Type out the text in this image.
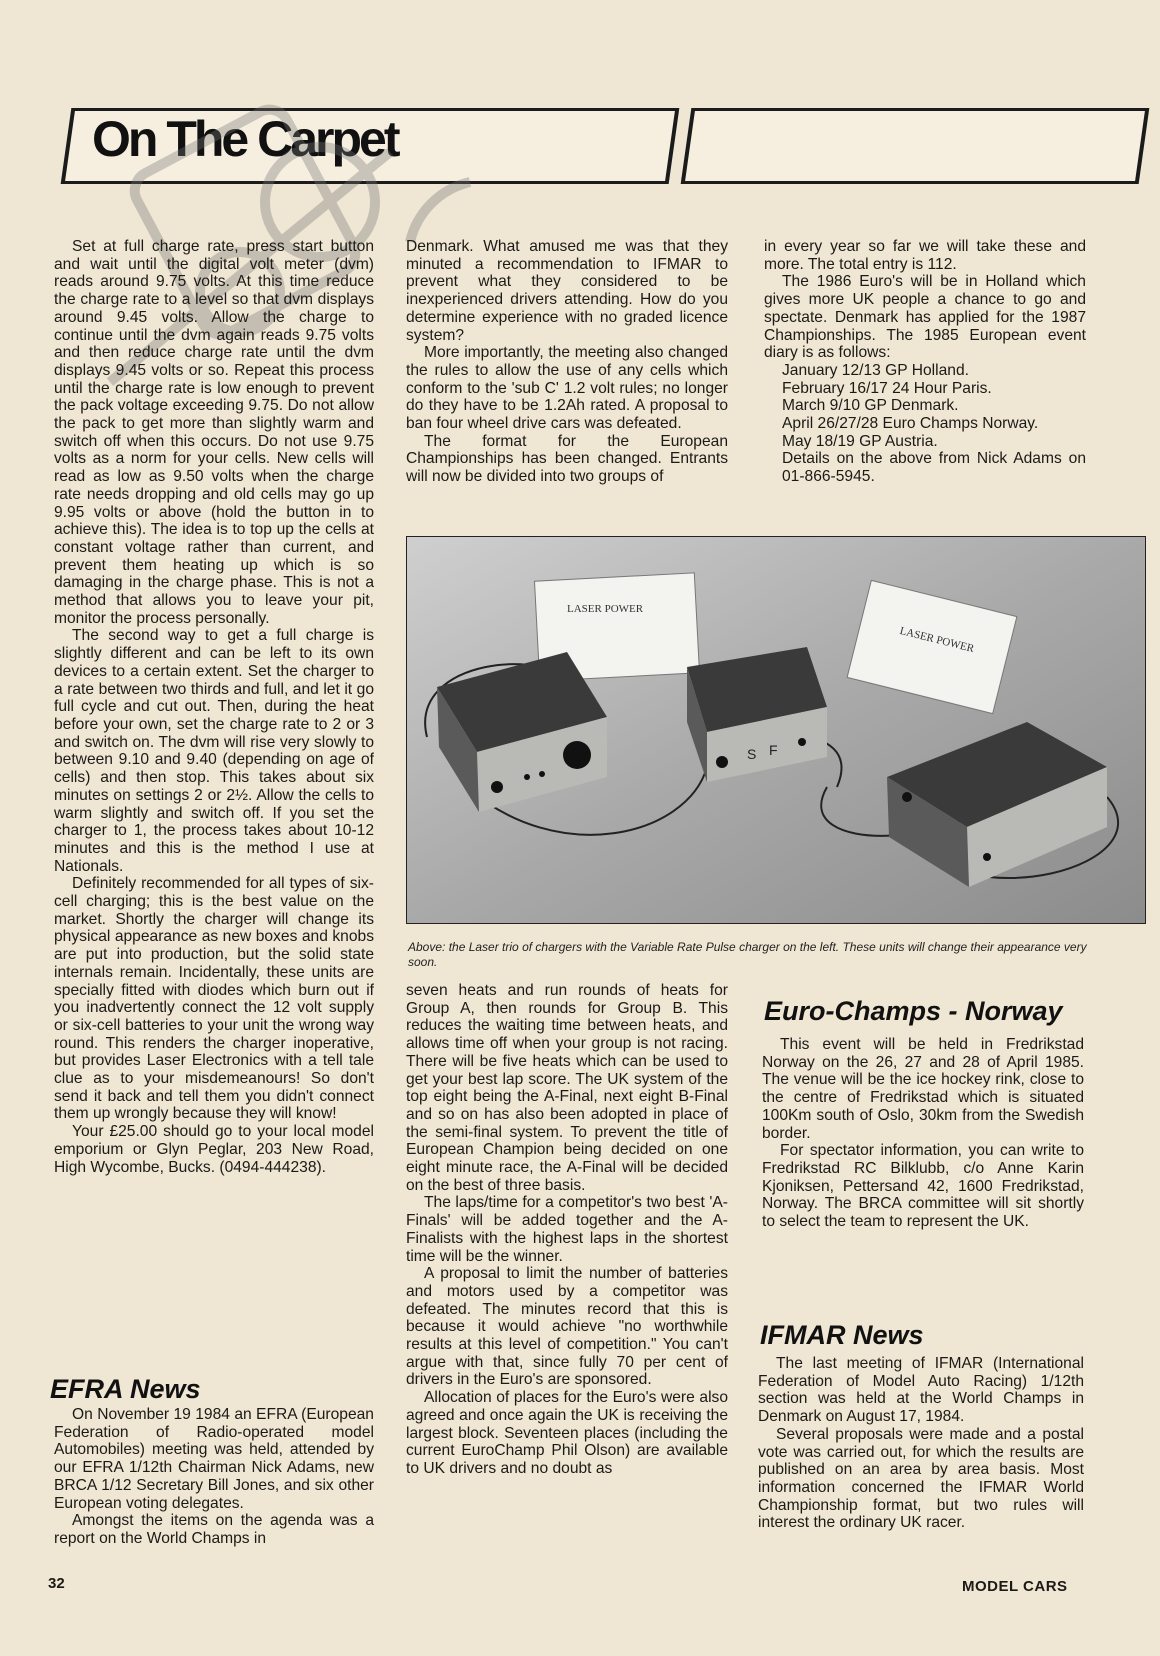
On The Carpet

Set at full charge rate, press start button and wait until the digital volt meter (dvm) reads around 9.75 volts. At this time reduce the charge rate to a level so that dvm displays around 9.45 volts. Allow the charge to continue until the dvm again reads 9.75 volts and then reduce charge rate until the dvm displays 9.45 volts or so. Repeat this process until the charge rate is low enough to prevent the pack voltage exceeding 9.75. Do not allow the pack to get more than slightly warm and switch off when this occurs. Do not use 9.75 volts as a norm for your cells. New cells will read as low as 9.50 volts when the charge rate needs dropping and old cells may go up 9.95 volts or above (hold the button in to achieve this). The idea is to top up the cells at constant voltage rather than current, and prevent them heating up which is so damaging in the charge phase. This is not a method that allows you to leave your pit, monitor the process personally.

The second way to get a full charge is slightly different and can be left to its own devices to a certain extent. Set the charger to a rate between two thirds and full, and let it go full cycle and cut out. Then, during the heat before your own, set the charge rate to 2 or 3 and switch on. The dvm will rise very slowly to between 9.10 and 9.40 (depending on age of cells) and then stop. This takes about six minutes on settings 2 or 2½. Allow the cells to warm slightly and switch off. If you set the charger to 1, the process takes about 10-12 minutes and this is the method I use at Nationals.

Definitely recommended for all types of six-cell charging; this is the best value on the market. Shortly the charger will change its physical appearance as new boxes and knobs are put into production, but the solid state internals remain. Incidentally, these units are specially fitted with diodes which burn out if you inadvertently connect the 12 volt supply or six-cell batteries to your unit the wrong way round. This renders the charger inoperative, but provides Laser Electronics with a tell tale clue as to your misdemeanours! So don't send it back and tell them you didn't connect them up wrongly because they will know!

Your £25.00 should go to your local model emporium or Glyn Peglar, 203 New Road, High Wycombe, Bucks. (0494-444238).

EFRA News

On November 19 1984 an EFRA (European Federation of Radio-operated model Automobiles) meeting was held, attended by our EFRA 1/12th Chairman Nick Adams, new BRCA 1/12 Secretary Bill Jones, and six other European voting delegates.

Amongst the items on the agenda was a report on the World Champs in

Denmark. What amused me was that they minuted a recommendation to IFMAR to prevent what they considered to be inexperienced drivers attending. How do you determine experience with no graded licence system?

More importantly, the meeting also changed the rules to allow the use of any cells which conform to the 'sub C' 1.2 volt rules; no longer do they have to be 1.2Ah rated. A proposal to ban four wheel drive cars was defeated.

The format for the European Championships has been changed. Entrants will now be divided into two groups of

in every year so far we will take these and more. The total entry is 112.

The 1986 Euro's will be in Holland which gives more UK people a chance to go and spectate. Denmark has applied for the 1987 Championships. The 1985 European event diary is as follows:

January 12/13 GP Holland.

February 16/17 24 Hour Paris.

March 9/10 GP Denmark.

April 26/27/28 Euro Champs Norway.

May 18/19 GP Austria.

Details on the above from Nick Adams on 01-866-5945.

LASER POWER
LASER POWER
S F
Above: the Laser trio of chargers with the Variable Rate Pulse charger on the left. These units will change their appearance very soon.

seven heats and run rounds of heats for Group A, then rounds for Group B. This reduces the waiting time between heats, and allows time off when your group is not racing. There will be five heats which can be used to get your best lap score. The UK system of the top eight being the A-Final, next eight B-Final and so on has also been adopted in place of the semi-final system. To prevent the title of European Champion being decided on one eight minute race, the A-Final will be decided on the best of three basis.

The laps/time for a competitor's two best 'A-Finals' will be added together and the A-Finalists with the highest laps in the shortest time will be the winner.

A proposal to limit the number of batteries and motors used by a competitor was defeated. The minutes record that this is because it would achieve "no worthwhile results at this level of competition." You can't argue with that, since fully 70 per cent of drivers in the Euro's are sponsored.

Allocation of places for the Euro's were also agreed and once again the UK is receiving the largest block. Seventeen places (including the current EuroChamp Phil Olson) are available to UK drivers and no doubt as

Euro-Champs - Norway

This event will be held in Fredrikstad Norway on the 26, 27 and 28 of April 1985. The venue will be the ice hockey rink, close to the centre of Fredrikstad which is situated 100Km south of Oslo, 30km from the Swedish border.

For spectator information, you can write to Fredrikstad RC Bilklubb, c/o Anne Karin Kjoniksen, Pettersand 42, 1600 Fredrikstad, Norway. The BRCA committee will sit shortly to select the team to represent the UK.

IFMAR News

The last meeting of IFMAR (International Federation of Model Auto Racing) 1/12th section was held at the World Champs in Denmark on August 17, 1984.

Several proposals were made and a postal vote was carried out, for which the results are published on an area by area basis. Most information concerned the IFMAR World Championship format, but two rules will interest the ordinary UK racer.

32	MODEL CARS
